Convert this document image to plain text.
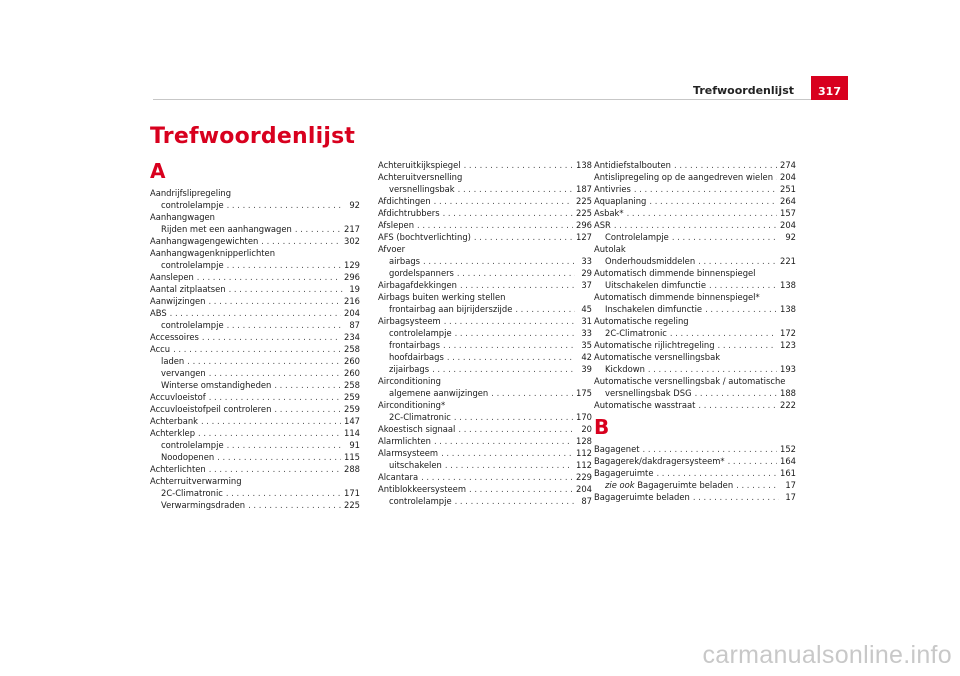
Trefwoordenlijst	317
Trefwoordenlijst
A
Aandrijfslipregeling
controlelampje . . .	92
Aanhangwagen
Rijden met een aanhangwagen . . .	217
Aanhangwagengewichten . . .	302
Aanhangwagenknipperlichten
controlelampje . . .	129
Aanslepen . . .	296
Aantal zitplaatsen . . .	19
Aanwijzingen . . .	216
ABS . . .	204
controlelampje . . .	87
Accessoires . . .	234
Accu . . .	258
laden . . .	260
vervangen . . .	260
Winterse omstandigheden . . .	258
Accuvloeistof . . .	259
Accuvloeistofpeil controleren . . .	259
Achterbank . . .	147
Achterklep . . .	114
controlelampje . . .	91
Noodopenen . . .	115
Achterlichten . . .	288
Achterruitverwarming
2C-Climatronic . . .	171
Verwarmingsdraden . . .	225
Achteruitkijkspiegel . . .	138
Achteruitversnelling
versnellingsbak . . .	187
Afdichtingen . . .	225
Afdichtrubbers . . .	225
Afslepen . . .	296
AFS (bochtverlichting) . . .	127
Afvoer
airbags . . .	33
gordelspanners . . .	29
Airbagafdekkingen . . .	37
Airbags buiten werking stellen
frontairbag aan bijrijderszijde . . .	45
Airbagsysteem . . .	31
controlelampje . . .	33
frontairbags . . .	35
hoofdairbags . . .	42
zijairbags . . .	39
Airconditioning
algemene aanwijzingen . . .	175
Airconditioning*
2C-Climatronic . . .	170
Akoestisch signaal . . .	20
Alarmlichten . . .	128
Alarmsysteem . . .	112
uitschakelen . . .	112
Alcantara . . .	229
Antiblokkeersysteem . . .	204
controlelampje . . .	87
Antidiefstalbouten . . .	274
Antislipregeling op de aangedreven wielen . . . 204
Antivries . . .	251
Aquaplaning . . .	264
Asbak* . . .	157
ASR . . .	204
Controlelampje . . .	92
Autolak
Onderhoudsmiddelen . . .	221
Automatisch dimmende binnenspiegel
Uitschakelen dimfunctie . . .	138
Automatisch dimmende binnenspiegel*
Inschakelen dimfunctie . . .	138
Automatische regeling
2C-Climatronic . . .	172
Automatische rijlichtregeling . . .	123
Automatische versnellingsbak
Kickdown . . .	193
Automatische versnellingsbak / automatische
versnellingsbak DSG . . .	188
Automatische wasstraat . . .	222
B
Bagagenet . . .	152
Bagagerek/dakdragersysteem* . . .	164
Bagageruimte . . .	161
zie ook Bagageruimte beladen . . .	17
Bagageruimte beladen . . .	17
carmanualsonline.info
